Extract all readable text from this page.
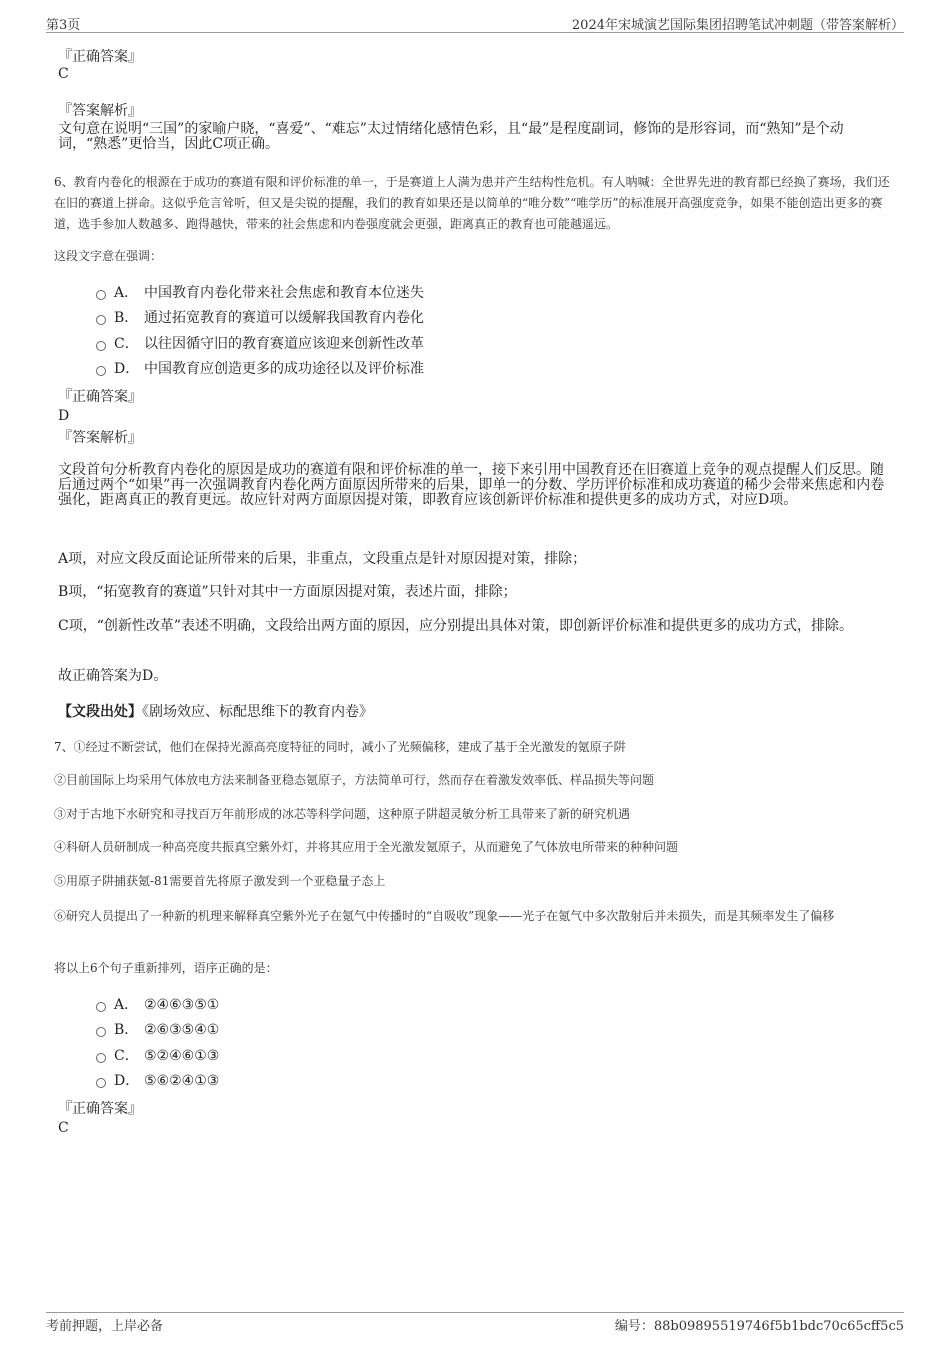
第3页	2024年宋城演艺国际集团招聘笔试冲刺题（带答案解析）
『正确答案』
C
『答案解析』
文句意在说明“三国”的家喻户晓，“喜爱”、“难忘”太过情绪化感情色彩，且“最”是程度副词，修饰的是形容词，而“熟知”是个动词，“熟悉”更恰当，因此C项正确。
6、教育内卷化的根源在于成功的赛道有限和评价标准的单一，于是赛道上人满为患并产生结构性危机。有人呐喊：全世界先进的教育都已经换了赛场，我们还在旧的赛道上拼命。这似乎危言耸听，但又是尖锐的提醒，我们的教育如果还是以简单的“唯分数”“唯学历”的标准展开高强度竞争，如果不能创造出更多的赛道，选手参加人数越多、跑得越快，带来的社会焦虑和内卷强度就会更强，距离真正的教育也可能越遥远。
这段文字意在强调：
A． 中国教育内卷化带来社会焦虑和教育本位迷失
B． 通过拓宽教育的赛道可以缓解我国教育内卷化
C． 以往因循守旧的教育赛道应该迎来创新性改革
D． 中国教育应创造更多的成功途径以及评价标准
『正确答案』
D
『答案解析』
文段首句分析教育内卷化的原因是成功的赛道有限和评价标准的单一，接下来引用中国教育还在旧赛道上竞争的观点提醒人们反思。随后通过两个“如果”再一次强调教育内卷化两方面原因所带来的后果，即单一的分数、学历评价标准和成功赛道的稀少会带来焦虑和内卷强化，距离真正的教育更远。故应针对两方面原因提对策，即教育应该创新评价标准和提供更多的成功方式，对应D项。
A项，对应文段反面论证所带来的后果，非重点，文段重点是针对原因提对策，排除；
B项，“拓宽教育的赛道”只针对其中一方面原因提对策，表述片面，排除；
C项，“创新性改革”表述不明确，文段给出两方面的原因，应分别提出具体对策，即创新评价标准和提供更多的成功方式，排除。
故正确答案为D。
【文段出处】《剧场效应、标配思维下的教育内卷》
7、①经过不断尝试，他们在保持光源高亮度特征的同时，减小了光频偏移，建成了基于全光激发的氪原子阱
②目前国际上均采用气体放电方法来制备亚稳态氪原子，方法简单可行，然而存在着激发效率低、样品损失等问题
③对于古地下水研究和寻找百万年前形成的冰芯等科学问题，这种原子阱超灵敏分析工具带来了新的研究机遇
④科研人员研制成一种高亮度共振真空紫外灯，并将其应用于全光激发氪原子，从而避免了气体放电所带来的种种问题
⑤用原子阱捕获氪-81需要首先将原子激发到一个亚稳量子态上
⑥研究人员提出了一种新的机理来解释真空紫外光子在氪气中传播时的“自吸收”现象——光子在氪气中多次散射后并未损失，而是其频率发生了偏移
将以上6个句子重新排列，语序正确的是：
A． ②④⑥③⑤①
B． ②⑥③⑤④①
C． ⑤②④⑥①③
D． ⑤⑥②④①③
『正确答案』
C
考前押题，上岸必备	编号：88b09895519746f5b1bdc70c65cff5c5
